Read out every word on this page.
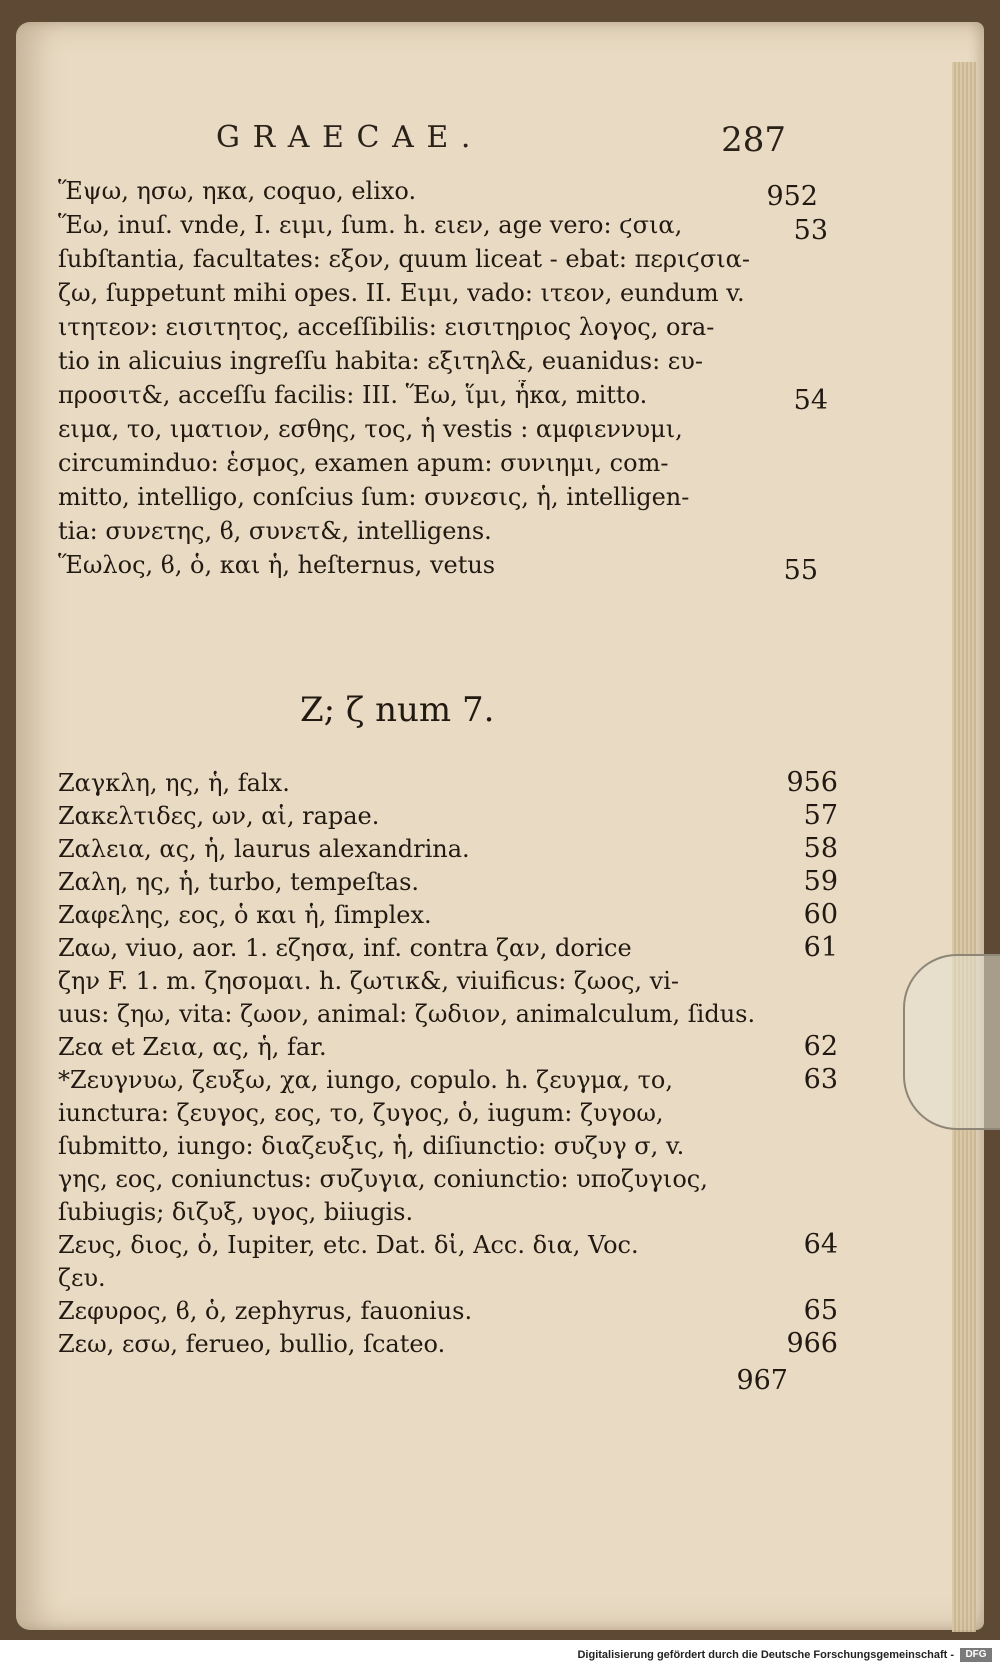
GRAECAE.	287
Ἕψω, ησω, ηκα, coquo, elixo.	952
Ἕω, inuſ. vnde, I. ειμι, ſum. h. ειεν, age vero: ϛσια,	53
ſubſtantia, facultates: εξον, quum liceat - ebat: περιϛσια-
ζω, ſuppetunt mihi opes. II. Ειμι, vado: ιτεον, eundum v.
ιτητεον: εισιτητος, acceſſibilis: εισιτηριος λογος, ora-
tio in alicuius ingreſſu habita: εξιτηλ&, euanidus: ευ-
προσιτ&, acceſſu facilis: III. Ἕω, ἵμι, ἧκα, mitto.	54
ειμα, το, ιματιον, εσθης, τος, ἡ vestis : αμφιεννυμι,
circuminduo: ἑσμος, examen apum: συνιημι, com-
mitto, intelligo, conſcius ſum: συνεσις, ἡ, intelligen-
tia: συνετης, ϐ, συνετ&, intelligens.
Ἕωλος, ϐ, ὁ, και ἡ, heſternus, vetus	55
Z; ζ num 7.
Ζαγκλη, ης, ἡ, falx.	956
Ζακελτιδες, ων, αἱ, rapae.	57
Ζαλεια, ας, ἡ, laurus alexandrina.	58
Ζαλη, ης, ἡ, turbo, tempeſtas.	59
Ζαφελης, εος, ὁ και ἡ, ſimplex.	60
Ζαω, viuo, aor. 1. εζησα, inf. contra ζαν, dorice	61
ζην F. 1. m. ζησομαι. h. ζωτικ&, viuificus: ζωος, vi-
uus: ζηω, vita: ζωον, animal: ζωδιον, animalculum, ſidus.
Ζεα et Ζεια, ας, ἡ, far.	62
*Ζευγνυω, ζευξω, χα, iungo, copulo. h. ζευγμα, το,	63
iunctura: ζευγος, εος, το, ζυγος, ὁ, iugum: ζυγοω,
ſubmitto, iungo: διαζευξις, ἡ, diſiunctio: συζυγ σ, v.
γης, εος, coniunctus: συζυγια, coniunctio: υποζυγιος,
ſubiugis; διζυξ, υγος, biiugis.
Ζευς, διος, ὁ, Iupiter, etc. Dat. δἱ, Acc. δια, Voc.	64
ζευ.
Ζεφυρος, ϐ, ὁ, zephyrus, fauonius.	65
Ζεω, εσω, ferueo, bullio, ſcateo.	966
967
Digitalisierung gefördert durch die Deutsche Forschungsgemeinschaft -	DFG
